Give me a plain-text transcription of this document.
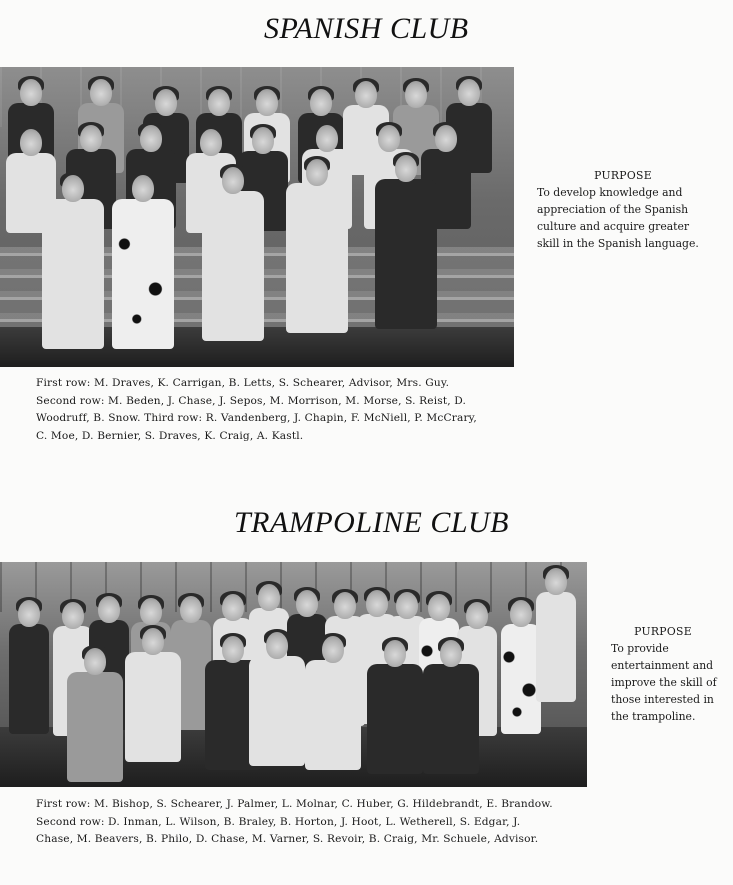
SPANISH CLUB

First row: M. Draves, K. Carrigan, B. Letts, S. Schearer, Advisor, Mrs. Guy. Second row: M. Beden, J. Chase, J. Sepos, M. Morrison, M. Morse, S. Reist, D. Woodruff, B. Snow. Third row: R. Vandenberg, J. Chapin, F. McNiell, P. McCrary, C. Moe, D. Bernier, S. Draves, K. Craig, A. Kastl.

PURPOSE
To develop knowledge and appreciation of the Spanish culture and acquire greater skill in the Spanish language.
TRAMPOLINE CLUB

First row: M. Bishop, S. Schearer, J. Palmer, L. Molnar, C. Huber, G. Hildebrandt, E. Brandow. Second row: D. Inman, L. Wilson, B. Braley, B. Horton, J. Hoot, L. Wetherell, S. Edgar, J. Chase, M. Beavers, B. Philo, D. Chase, M. Varner, S. Revoir, B. Craig, Mr. Schuele, Advisor.

PURPOSE
To provide entertainment and improve the skill of those interested in the trampoline.
